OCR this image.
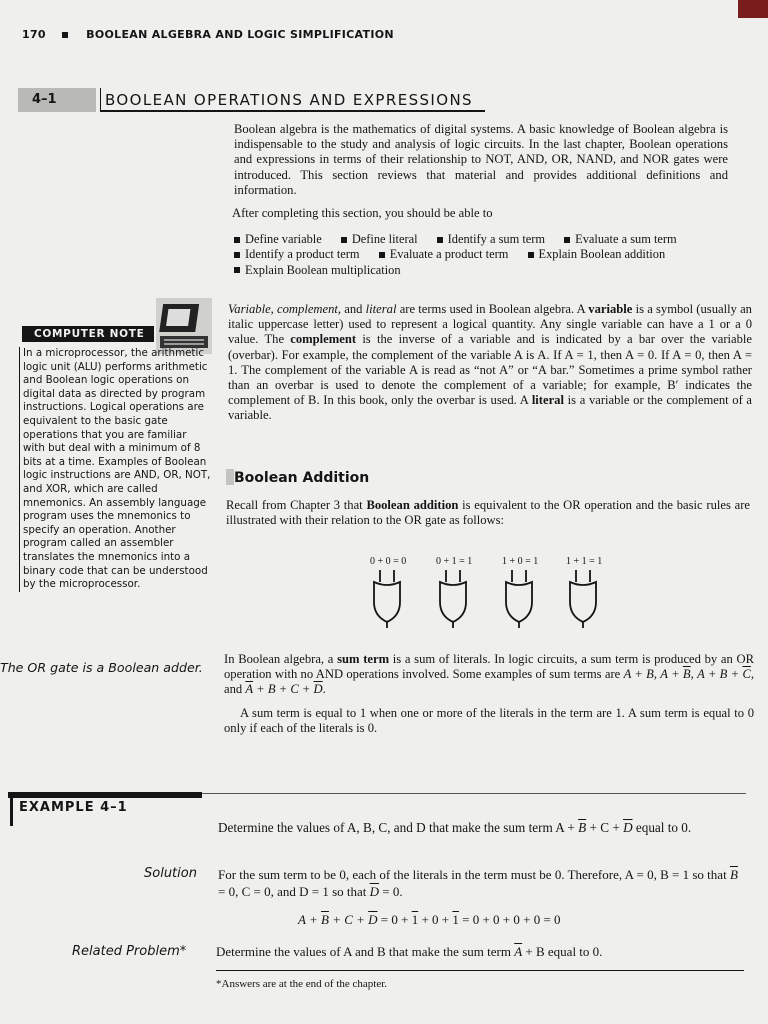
170	BOOLEAN ALGEBRA AND LOGIC SIMPLIFICATION
4–1	BOOLEAN OPERATIONS AND EXPRESSIONS
Boolean algebra is the mathematics of digital systems. A basic knowledge of Boolean algebra is indispensable to the study and analysis of logic circuits. In the last chapter, Boolean operations and expressions in terms of their relationship to NOT, AND, OR, NAND, and NOR gates were introduced. This section reviews that material and provides additional definitions and information.
After completing this section, you should be able to
Define variable Define literal Identify a sum term Evaluate a sum term
Identify a product term Evaluate a product term Explain Boolean addition
Explain Boolean multiplication
COMPUTER NOTE
In a microprocessor, the arithmetic logic unit (ALU) performs arithmetic and Boolean logic operations on digital data as directed by program instructions. Logical operations are equivalent to the basic gate operations that you are familiar with but deal with a minimum of 8 bits at a time. Examples of Boolean logic instructions are AND, OR, NOT, and XOR, which are called mnemonics. An assembly language program uses the mnemonics to specify an operation. Another program called an assembler translates the mnemonics into a binary code that can be understood by the microprocessor.
Variable, complement, and literal are terms used in Boolean algebra. A variable is a symbol (usually an italic uppercase letter) used to represent a logical quantity. Any single variable can have a 1 or a 0 value. The complement is the inverse of a variable and is indicated by a bar over the variable (overbar). For example, the complement of the variable A is A. If A = 1, then A = 0. If A = 0, then A = 1. The complement of the variable A is read as “not A” or “A bar.” Sometimes a prime symbol rather than an overbar is used to denote the complement of a variable; for example, B′ indicates the complement of B. In this book, only the overbar is used. A literal is a variable or the complement of a variable.
Boolean Addition
Recall from Chapter 3 that Boolean addition is equivalent to the OR operation and the basic rules are illustrated with their relation to the OR gate as follows:
0 + 0 = 0	0 + 1 = 1	1 + 0 = 1	1 + 1 = 1
The OR gate is a Boolean adder.
In Boolean algebra, a sum term is a sum of literals. In logic circuits, a sum term is produced by an OR operation with no AND operations involved. Some examples of sum terms are A + B, $A + \overline{B}$, $A + B + \overline{C}$, and $\overline{A} + B + C + \overline{D}$.
A sum term is equal to 1 when one or more of the literals in the term are 1. A sum term is equal to 0 only if each of the literals is 0.
EXAMPLE 4–1
Determine the values of A, B, C, and D that make the sum term $A + \overline{B} + C + \overline{D}$ equal to 0.
Solution For the sum term to be 0, each of the literals in the term must be 0. Therefore, A = 0, B = 1 so that $\overline{B} = 0$, C = 0, and D = 1 so that $\overline{D} = 0$.
$A + \overline{B} + C + \overline{D} = 0 + 1 + 0 + 1 = 0 + 0 + 0 + 0 = 0$
Related Problem* Determine the values of A and B that make the sum term $\overline{A} + B$ equal to 0.
*Answers are at the end of the chapter.
